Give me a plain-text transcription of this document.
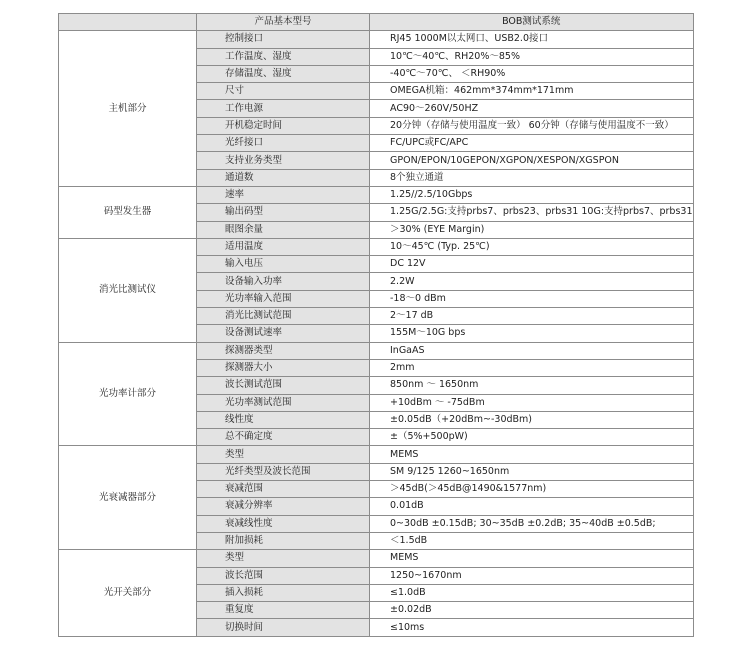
	产品基本型号	BOB测试系统
主机部分	控制接口	RJ45 1000M以太网口、USB2.0接口
	工作温度、湿度	10℃～40℃、RH20%～85%
	存储温度、湿度	-40℃～70℃、 ＜RH90%
	尺寸	OMEGA机箱：462mm*374mm*171mm
	工作电源	AC90～260V/50HZ
	开机稳定时间	20分钟（存储与使用温度一致） 60分钟（存储与使用温度不一致）
	光纤接口	FC/UPC或FC/APC
	支持业务类型	GPON/EPON/10GEPON/XGPON/XESPON/XGSPON
	通道数	8个独立通道
码型发生器	速率	1.25//2.5/10Gbps
	输出码型	1.25G/2.5G:支持prbs7、prbs23、prbs31 10G:支持prbs7、prbs31
	眼图余量	＞30% (EYE Margin)
消光比测试仪	适用温度	10～45℃ (Typ. 25℃)
	输入电压	DC 12V
	设备输入功率	2.2W
	光功率输入范围	-18～0 dBm
	消光比测试范围	2～17 dB
	设备测试速率	155M～10G bps
光功率计部分	探测器类型	InGaAS
	探测器大小	2mm
	波长测试范围	850nm ～ 1650nm
	光功率测试范围	+10dBm ～ -75dBm
	线性度	±0.05dB（+20dBm~-30dBm)
	总不确定度	±（5%+500pW)
光衰减器部分	类型	MEMS
	光纤类型及波长范围	SM 9/125 1260~1650nm
	衰减范围	＞45dB(＞45dB@1490&1577nm)
	衰减分辨率	0.01dB
	衰减线性度	0~30dB ±0.15dB; 30~35dB ±0.2dB; 35~40dB ±0.5dB;
	附加损耗	＜1.5dB
光开关部分	类型	MEMS
	波长范围	1250~1670nm
	插入损耗	≤1.0dB
	重复度	±0.02dB
	切换时间	≤10ms
